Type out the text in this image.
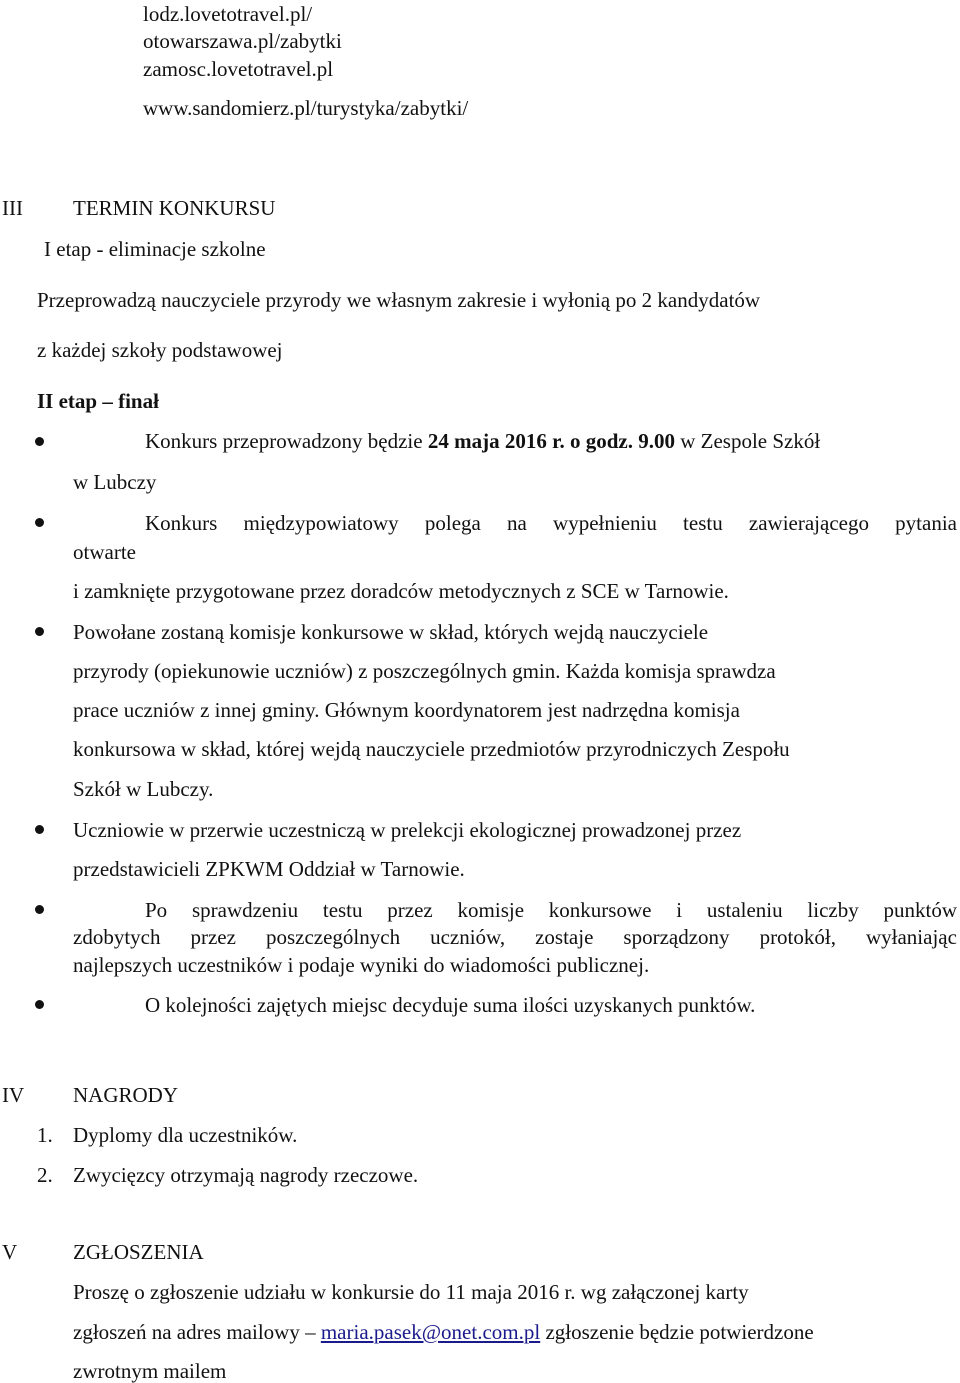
lodz.lovetotravel.pl/
otowarszawa.pl/zabytki
zamosc.lovetotravel.pl
www.sandomierz.pl/turystyka/zabytki/
III TERMIN KONKURSU
I etap - eliminacje szkolne
Przeprowadzą nauczyciele przyrody we własnym zakresie i wyłonią po 2 kandydatów
z każdej szkoły podstawowej
II etap – finał
Konkurs przeprowadzony będzie 24 maja 2016 r. o godz. 9.00 w Zespole Szkół
w Lubczy
Konkurs międzypowiatowy polega na wypełnieniu testu zawierającego pytania
otwarte
i zamknięte przygotowane przez doradców metodycznych z SCE w Tarnowie.
Powołane zostaną komisje konkursowe w skład, których wejdą nauczyciele
przyrody (opiekunowie uczniów) z poszczególnych gmin. Każda komisja sprawdza
prace uczniów z innej gminy. Głównym koordynatorem jest nadrzędna komisja
konkursowa w skład, której wejdą nauczyciele przedmiotów przyrodniczych Zespołu
Szkół w Lubczy.
Uczniowie w przerwie uczestniczą w prelekcji ekologicznej prowadzonej przez
przedstawicieli ZPKWM Oddział w Tarnowie.
Po sprawdzeniu testu przez komisje konkursowe i ustaleniu liczby punktów
zdobytych przez poszczególnych uczniów, zostaje sporządzony protokół, wyłaniając
najlepszych uczestników i podaje wyniki do wiadomości publicznej.
O kolejności zajętych miejsc decyduje suma ilości uzyskanych punktów.
IV NAGRODY
1. Dyplomy dla uczestników.
2. Zwycięzcy otrzymają nagrody rzeczowe.
V	ZGŁOSZENIA
Proszę o zgłoszenie udziału w konkursie do 11 maja 2016 r. wg załączonej karty
zgłoszeń na adres mailowy – maria.pasek@onet.com.pl zgłoszenie będzie potwierdzone
zwrotnym mailem
